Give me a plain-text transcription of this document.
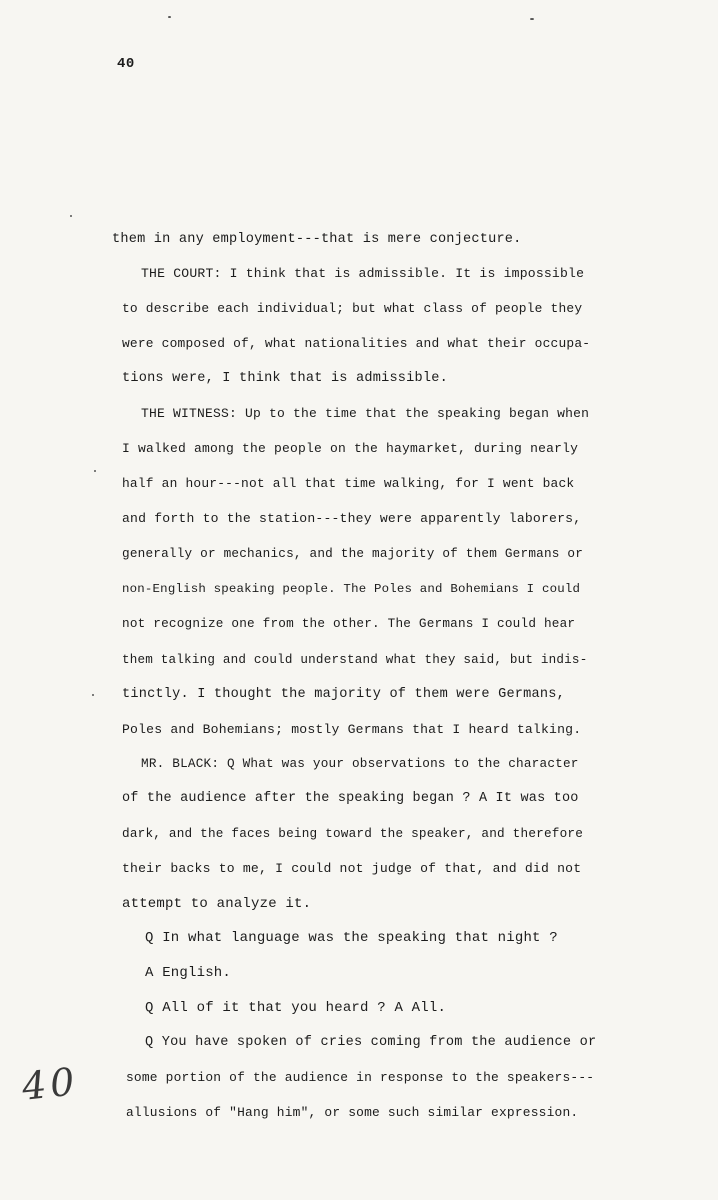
40
them in any employment---that is mere conjecture.
THE COURT: I think that is admissible. It is impossible
to describe each individual; but what class of people they
were composed of, what nationalities and what their occupa-
tions were, I think that is admissible.
THE WITNESS: Up to the time that the speaking began when
I walked among the people on the haymarket, during nearly
half an hour---not all that time walking, for I went back
and forth to the station---they were apparently laborers,
generally or mechanics, and the majority of them Germans or
non-English speaking people. The Poles and Bohemians I could
not recognize one from the other. The Germans I could hear
them talking and could understand what they said, but indis-
tinctly. I thought the majority of them were Germans,
Poles and Bohemians; mostly Germans that I heard talking.
MR. BLACK: Q What was your observations to the character
of the audience after the speaking began ? A It was too
dark, and the faces being toward the speaker, and therefore
their backs to me, I could not judge of that, and did not
attempt to analyze it.
Q In what language was the speaking that night ?
A English.
Q All of it that you heard ? A All.
Q You have spoken of cries coming from the audience or
some portion of the audience in response to the speakers---
allusions of "Hang him", or some such similar expression.
40
